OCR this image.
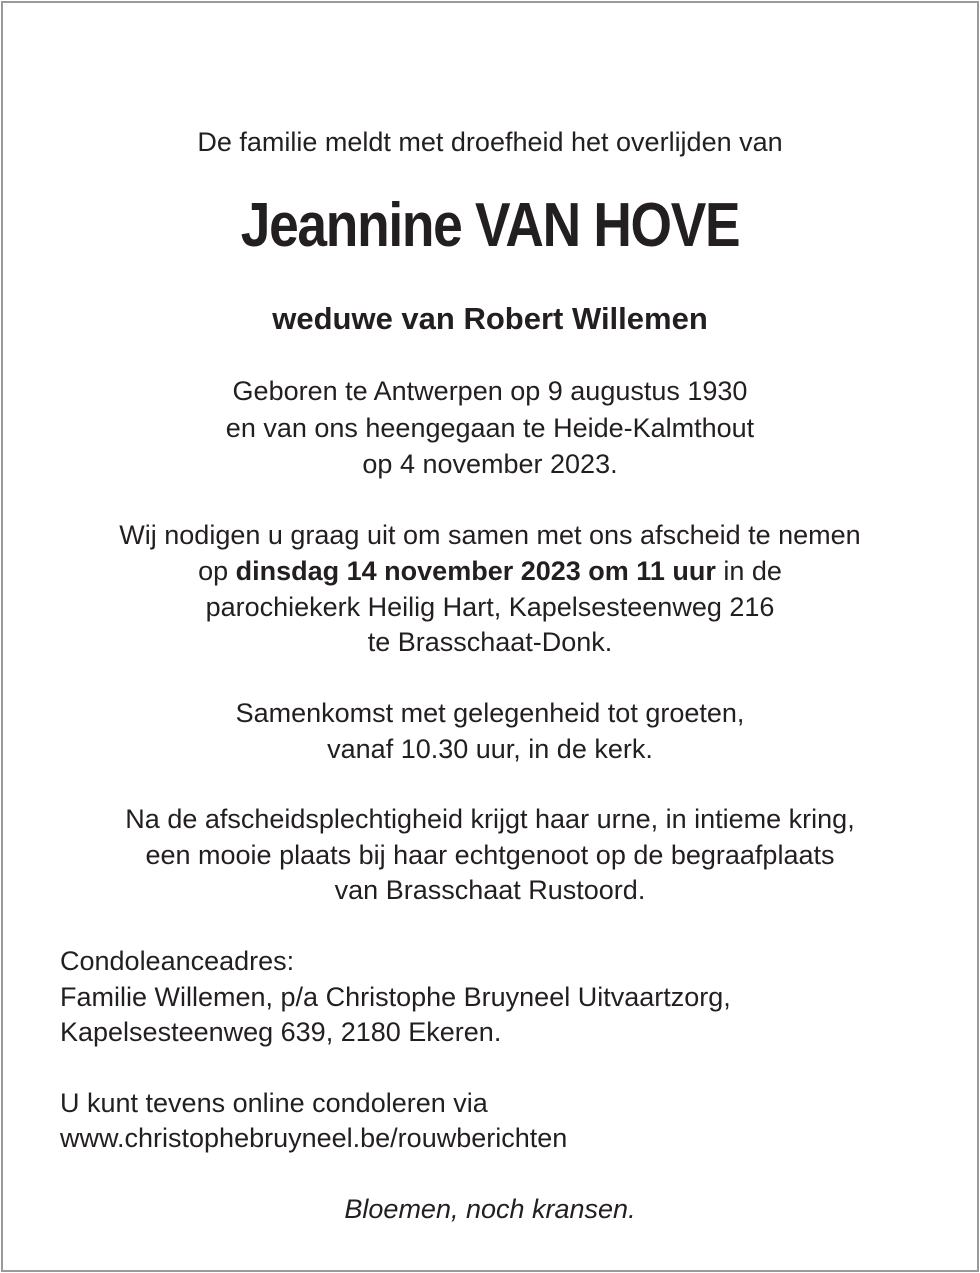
De familie meldt met droefheid het overlijden van
Jeannine VAN HOVE
weduwe van Robert Willemen
Geboren te Antwerpen op 9 augustus 1930
en van ons heengegaan te Heide-Kalmthout
op 4 november 2023.
Wij nodigen u graag uit om samen met ons afscheid te nemen
op dinsdag 14 november 2023 om 11 uur in de
parochiekerk Heilig Hart, Kapelsesteenweg 216
te Brasschaat-Donk.
Samenkomst met gelegenheid tot groeten,
vanaf 10.30 uur, in de kerk.
Na de afscheidsplechtigheid krijgt haar urne, in intieme kring,
een mooie plaats bij haar echtgenoot op de begraafplaats
van Brasschaat Rustoord.
Condoleanceadres:
Familie Willemen, p/a Christophe Bruyneel Uitvaartzorg,
Kapelsesteenweg 639, 2180 Ekeren.
U kunt tevens online condoleren via
www.christophebruyneel.be/rouwberichten
Bloemen, noch kransen.
